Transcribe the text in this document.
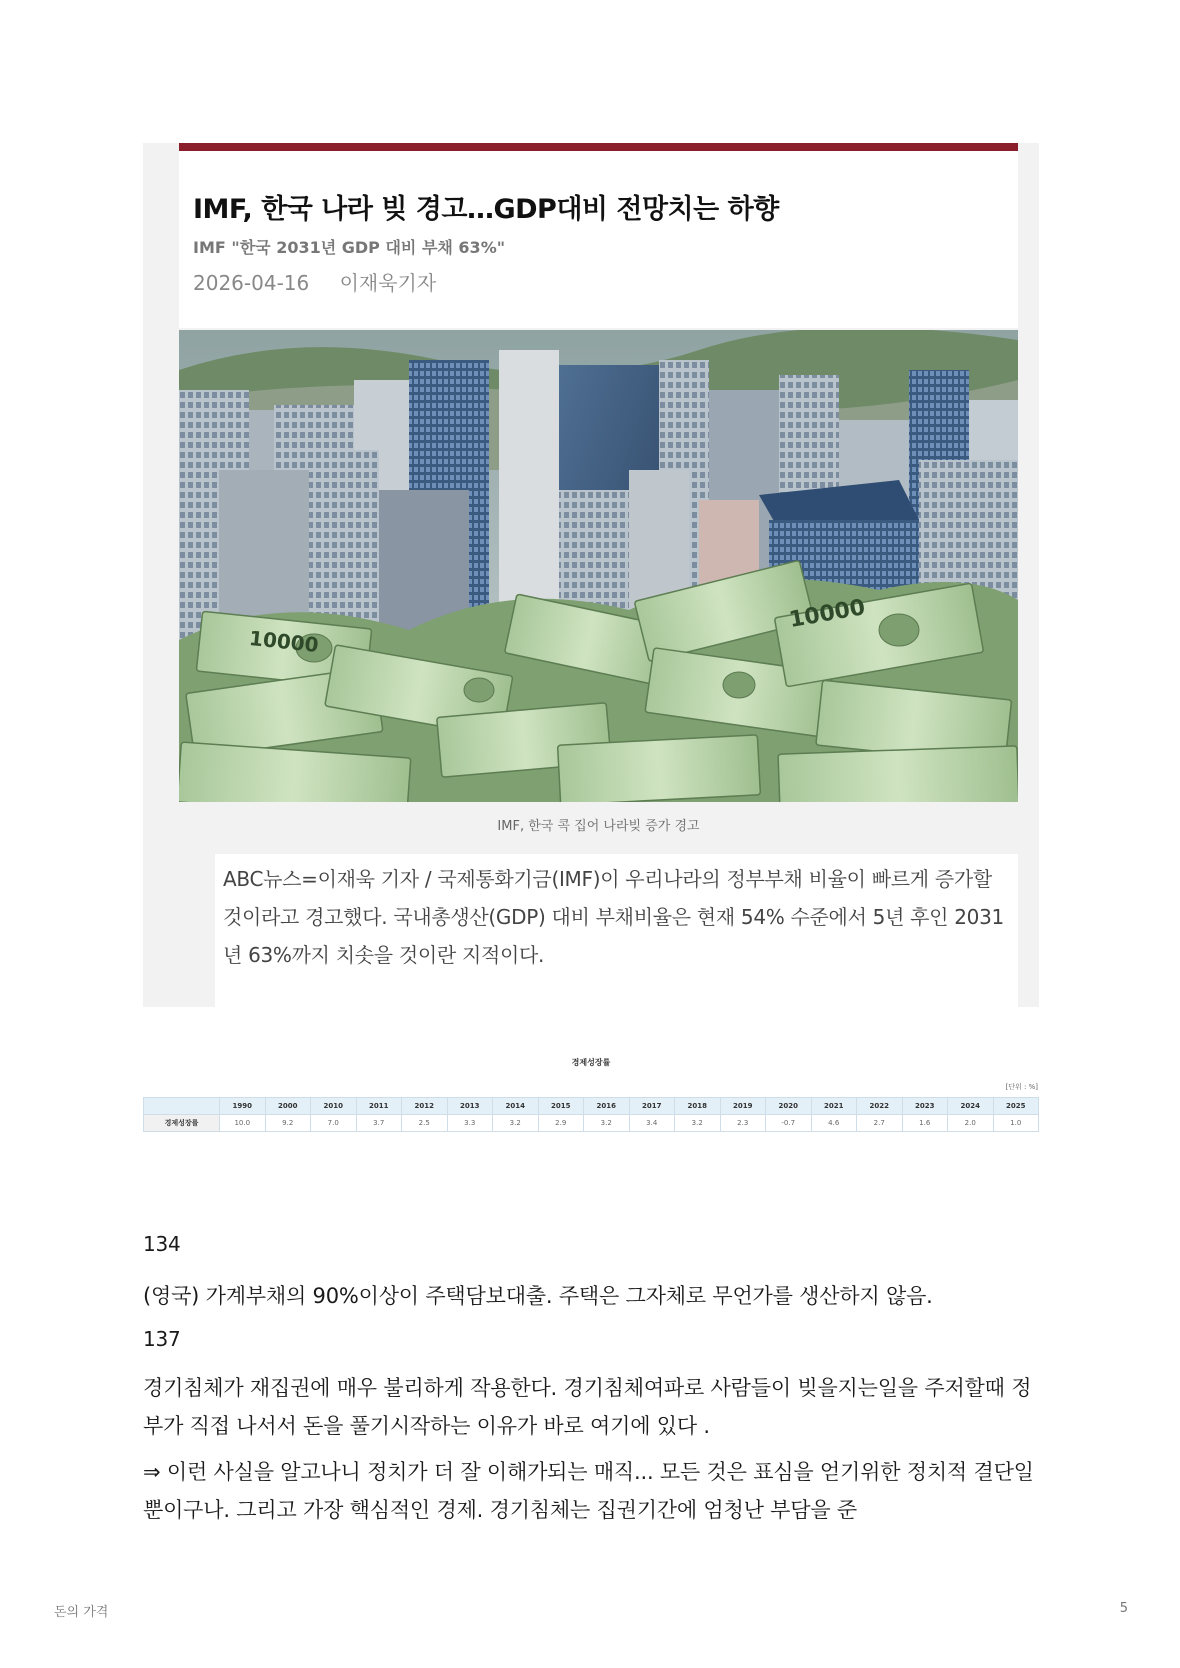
IMF, 한국 나라 빚 경고…GDP대비 전망치는 하향
IMF "한국 2031년 GDP 대비 부채 63%"
2026-04-16 이재욱기자
10000
10000
IMF, 한국 콕 집어 나라빚 증가 경고

ABC뉴스=이재욱 기자 / 국제통화기금(IMF)이 우리나라의 정부부채 비율이 빠르게 증가할 것이라고 경고했다. 국내총생산(GDP) 대비 부채비율은 현재 54% 수준에서 5년 후인 2031년 63%까지 치솟을 것이란 지적이다.

경제성장률
[단위 : %]
	1990	2000	2010	2011	2012	2013	2014	2015	2016	2017	2018	2019	2020	2021	2022	2023	2024	2025
경제성장률	10.0	9.2	7.0	3.7	2.5	3.3	3.2	2.9	3.2	3.4	3.2	2.3	-0.7	4.6	2.7	1.6	2.0	1.0

134

(영국) 가계부채의 90%이상이 주택담보대출. 주택은 그자체로 무언가를 생산하지 않음.

137

경기침체가 재집권에 매우 불리하게 작용한다. 경기침체여파로 사람들이 빚을지는일을 주저할때 정부가 직접 나서서 돈을 풀기시작하는 이유가 바로 여기에 있다 .

⇒ 이런 사실을 알고나니 정치가 더 잘 이해가되는 매직... 모든 것은 표심을 얻기위한 정치적 결단일 뿐이구나. 그리고 가장 핵심적인 경제. 경기침체는 집권기간에 엄청난 부담을 준

돈의 가격	5
